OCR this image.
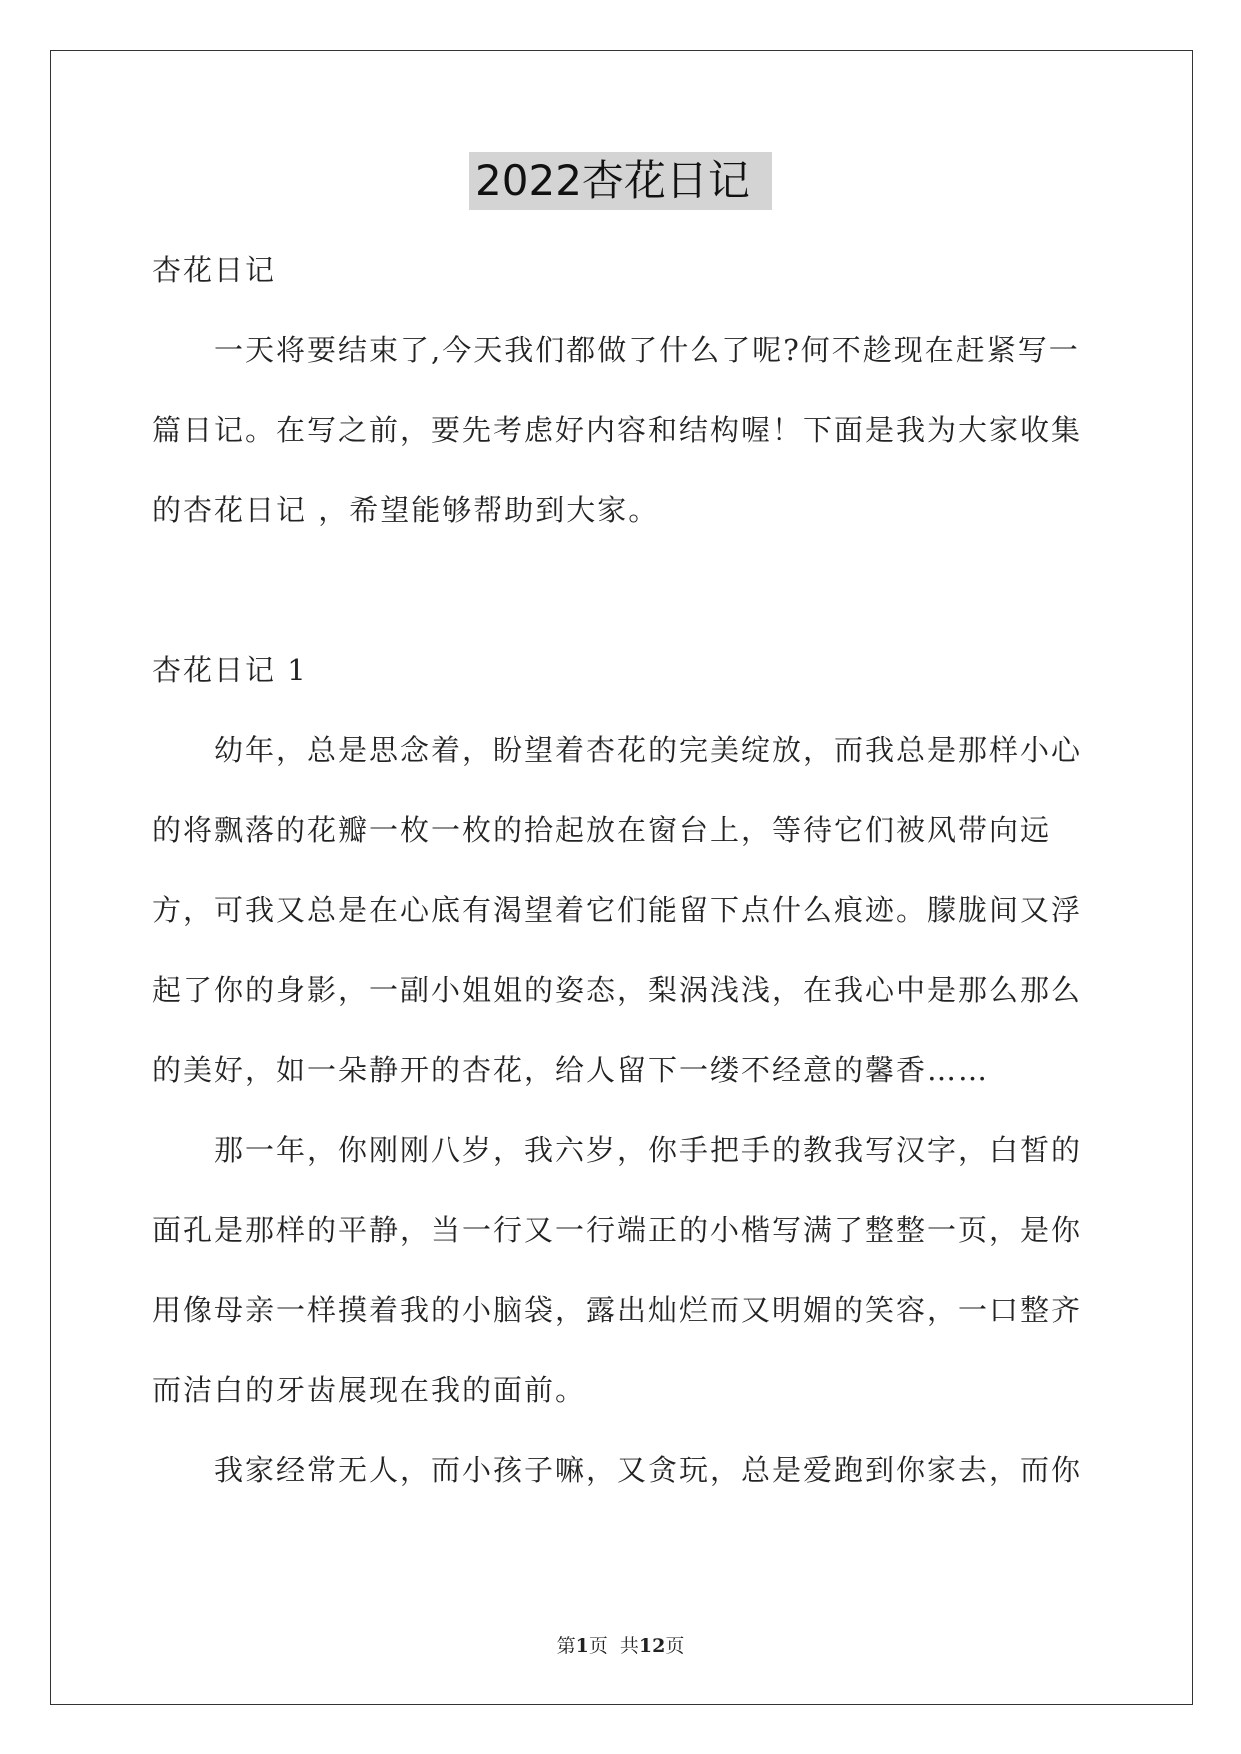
2022杏花日记

杏花日记

一天将要结束了,今天我们都做了什么了呢?何不趁现在赶紧写一篇日记。在写之前，要先考虑好内容和结构喔！下面是我为大家收集的杏花日记 ，希望能够帮助到大家。

杏花日记 1

幼年，总是思念着，盼望着杏花的完美绽放，而我总是那样小心的将飘落的花瓣一枚一枚的拾起放在窗台上，等待它们被风带向远方，可我又总是在心底有渴望着它们能留下点什么痕迹。朦胧间又浮起了你的身影，一副小姐姐的姿态，梨涡浅浅，在我心中是那么那么的美好，如一朵静开的杏花，给人留下一缕不经意的馨香……

那一年，你刚刚八岁，我六岁，你手把手的教我写汉字，白皙的面孔是那样的平静，当一行又一行端正的小楷写满了整整一页，是你用像母亲一样摸着我的小脑袋，露出灿烂而又明媚的笑容，一口整齐而洁白的牙齿展现在我的面前。

我家经常无人，而小孩子嘛，又贪玩，总是爱跑到你家去，而你

第1页 共12页
